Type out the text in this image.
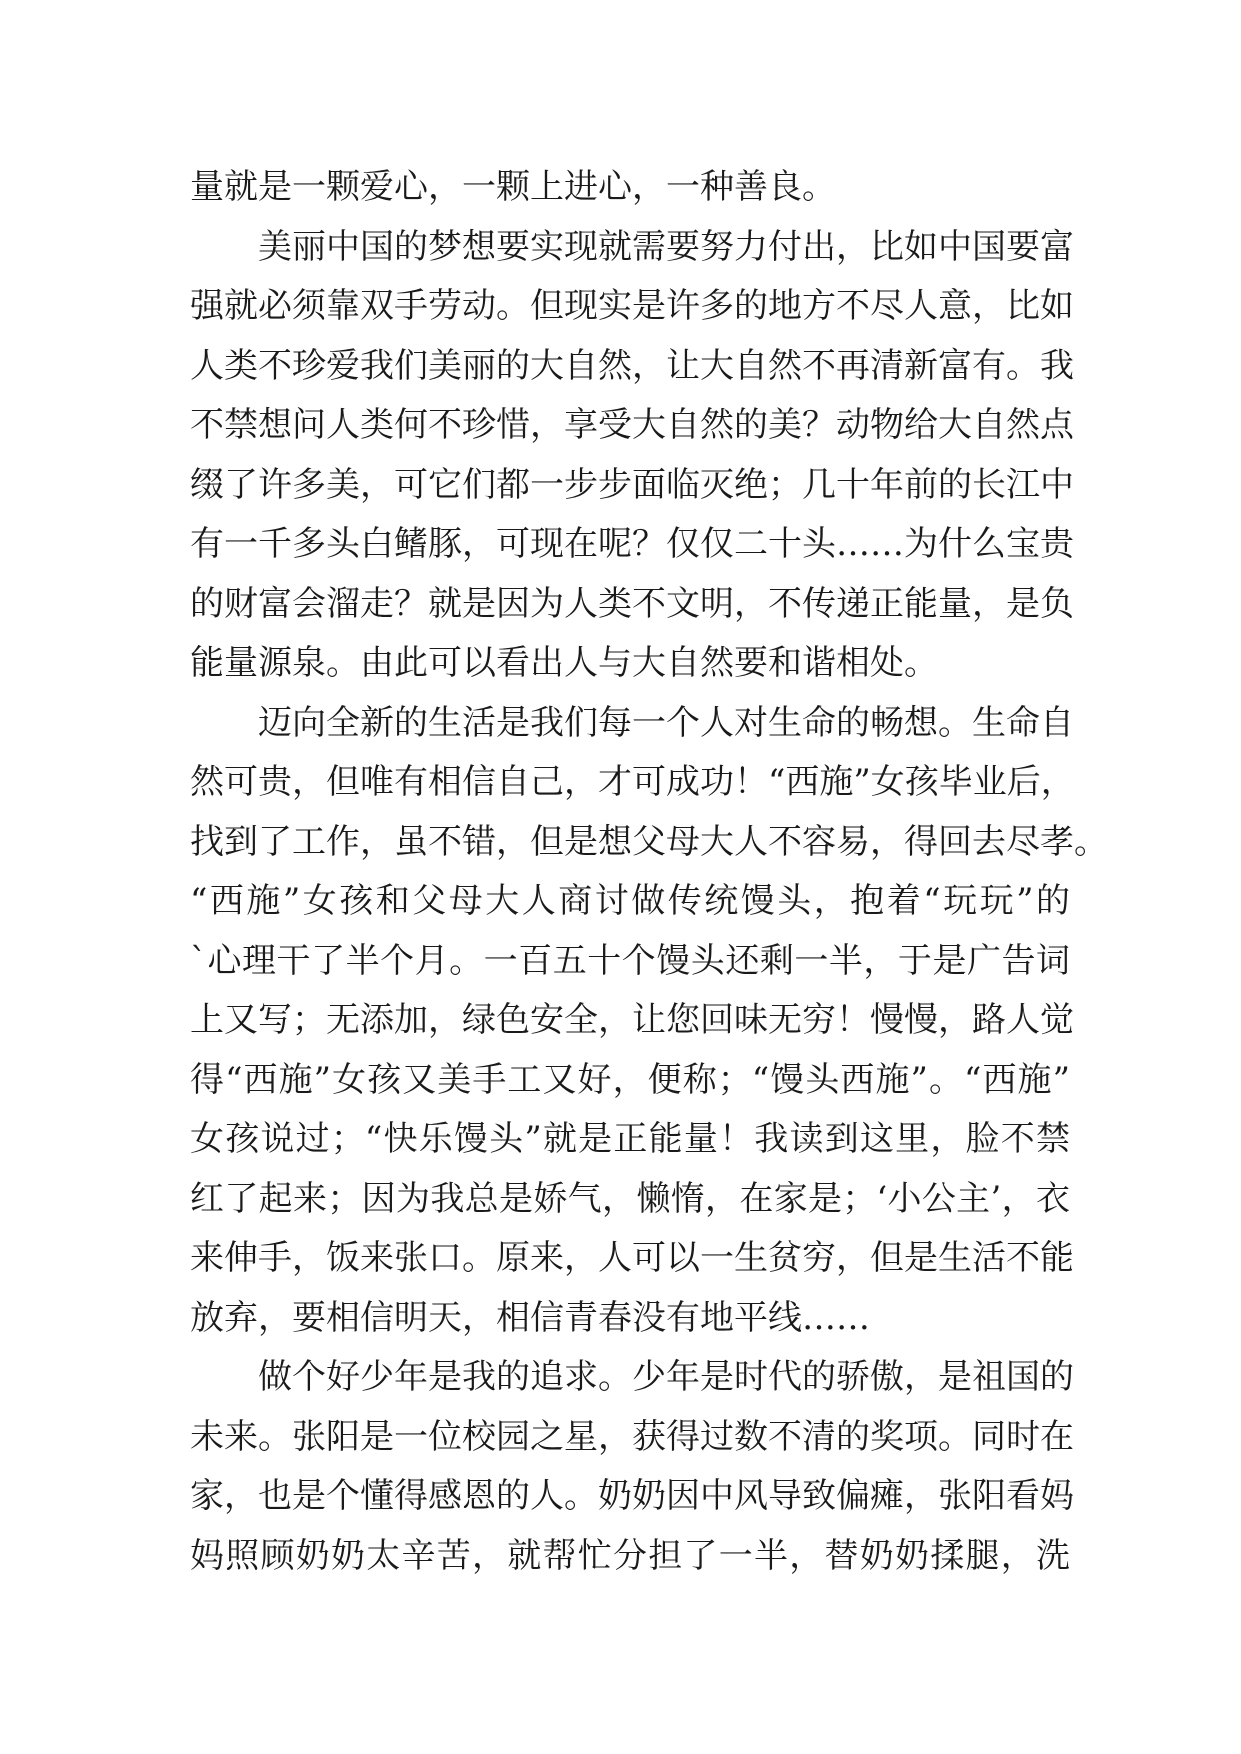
量就是一颗爱心，一颗上进心，一种善良。
美丽中国的梦想要实现就需要努力付出，比如中国要富
强就必须靠双手劳动。但现实是许多的地方不尽人意，比如
人类不珍爱我们美丽的大自然，让大自然不再清新富有。我
不禁想问人类何不珍惜，享受大自然的美？动物给大自然点
缀了许多美，可它们都一步步面临灭绝；几十年前的长江中
有一千多头白鳍豚，可现在呢？仅仅二十头……为什么宝贵
的财富会溜走？就是因为人类不文明，不传递正能量，是负
能量源泉。由此可以看出人与大自然要和谐相处。
迈向全新的生活是我们每一个人对生命的畅想。生命自
然可贵，但唯有相信自己，才可成功！“西施”女孩毕业后，
找到了工作，虽不错，但是想父母大人不容易，得回去尽孝。
“西施”女孩和父母大人商讨做传统馒头，抱着“玩玩”的
`心理干了半个月。一百五十个馒头还剩一半，于是广告词
上又写；无添加，绿色安全，让您回味无穷！慢慢，路人觉
得“西施”女孩又美手工又好，便称；“馒头西施”。“西施”
女孩说过；“快乐馒头”就是正能量！我读到这里，脸不禁
红了起来；因为我总是娇气，懒惰，在家是；‘小公主’，衣
来伸手，饭来张口。原来，人可以一生贫穷，但是生活不能
放弃，要相信明天，相信青春没有地平线……
做个好少年是我的追求。少年是时代的骄傲，是祖国的
未来。张阳是一位校园之星，获得过数不清的奖项。同时在
家，也是个懂得感恩的人。奶奶因中风导致偏瘫，张阳看妈
妈照顾奶奶太辛苦，就帮忙分担了一半，替奶奶揉腿，洗
